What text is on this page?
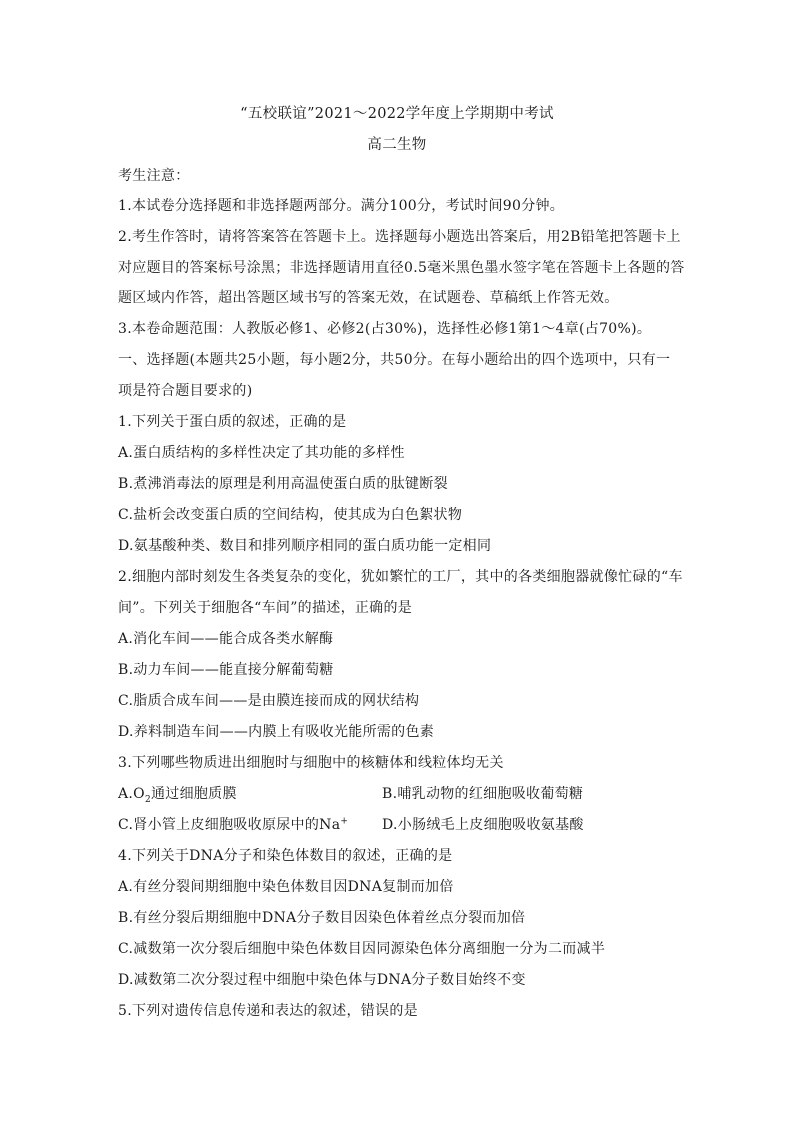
“五校联谊”2021～2022学年度上学期期中考试
高二生物
考生注意：
1.本试卷分选择题和非选择题两部分。满分100分，考试时间90分钟。
2.考生作答时，请将答案答在答题卡上。选择题每小题选出答案后，用2B铅笔把答题卡上
对应题目的答案标号涂黑；非选择题请用直径0.5毫米黑色墨水签字笔在答题卡上各题的答
题区域内作答，超出答题区域书写的答案无效，在试题卷、草稿纸上作答无效。
3.本卷命题范围：人教版必修1、必修2(占30%)，选择性必修1第1～4章(占70%)。
一、选择题(本题共25小题，每小题2分，共50分。在每小题给出的四个选项中，只有一
项是符合题目要求的)
1.下列关于蛋白质的叙述，正确的是
A.蛋白质结构的多样性决定了其功能的多样性
B.煮沸消毒法的原理是利用高温使蛋白质的肽键断裂
C.盐析会改变蛋白质的空间结构，使其成为白色絮状物
D.氨基酸种类、数目和排列顺序相同的蛋白质功能一定相同
2.细胞内部时刻发生各类复杂的变化，犹如繁忙的工厂，其中的各类细胞器就像忙碌的“车
间”。下列关于细胞各“车间”的描述，正确的是
A.消化车间——能合成各类水解酶
B.动力车间——能直接分解葡萄糖
C.脂质合成车间——是由膜连接而成的网状结构
D.养料制造车间——内膜上有吸收光能所需的色素
3.下列哪些物质进出细胞时与细胞中的核糖体和线粒体均无关
$A.O_2$通过细胞质膜	B.哺乳动物的红细胞吸收葡萄糖
C.肾小管上皮细胞吸收原尿中的Na+ D.小肠绒毛上皮细胞吸收氨基酸
4.下列关于DNA分子和染色体数目的叙述，正确的是
A.有丝分裂间期细胞中染色体数目因DNA复制而加倍
B.有丝分裂后期细胞中DNA分子数目因染色体着丝点分裂而加倍
C.减数第一次分裂后细胞中染色体数目因同源染色体分离细胞一分为二而减半
D.减数第二次分裂过程中细胞中染色体与DNA分子数目始终不变
5.下列对遗传信息传递和表达的叙述，错误的是
